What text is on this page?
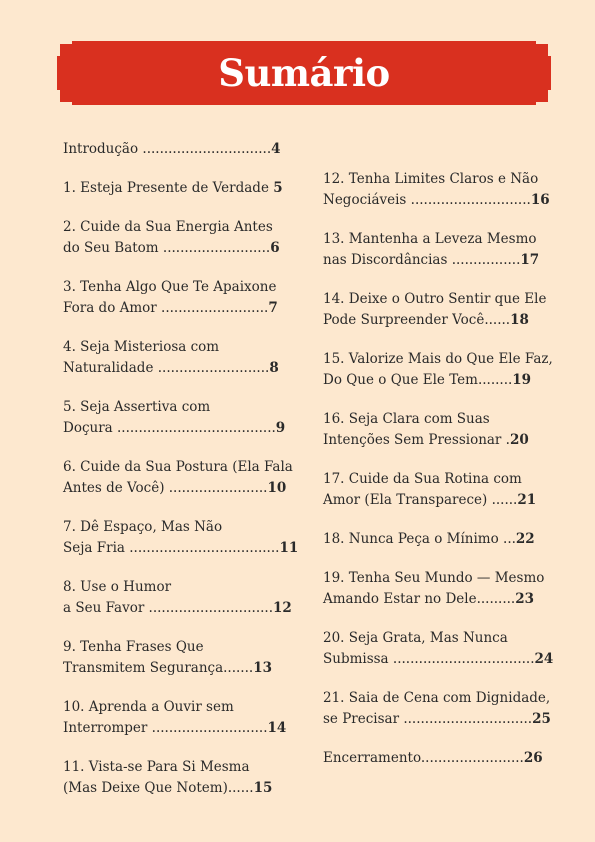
Sumário
Introdução ..............................4
1. Esteja Presente de Verdade 5
2. Cuide da Sua Energia Antes
do Seu Batom .........................6
3. Tenha Algo Que Te Apaixone
Fora do Amor .........................7
4. Seja Misteriosa com
Naturalidade ..........................8
5. Seja Assertiva com
Doçura .....................................9
6. Cuide da Sua Postura (Ela Fala
Antes de Você) .......................10
7. Dê Espaço, Mas Não
Seja Fria ...................................11
8. Use o Humor
a Seu Favor .............................12
9. Tenha Frases Que
Transmitem Segurança.......13
10. Aprenda a Ouvir sem
Interromper ...........................14
11. Vista-se Para Si Mesma
(Mas Deixe Que Notem)......15
12. Tenha Limites Claros e Não
Negociáveis ............................16
13. Mantenha a Leveza Mesmo
nas Discordâncias ................17
14. Deixe o Outro Sentir que Ele
Pode Surpreender Você......18
15. Valorize Mais do Que Ele Faz,
Do Que o Que Ele Tem........19
16. Seja Clara com Suas
Intenções Sem Pressionar .20
17. Cuide da Sua Rotina com
Amor (Ela Transparece) ......21
18. Nunca Peça o Mínimo ...22
19. Tenha Seu Mundo — Mesmo
Amando Estar no Dele.........23
20. Seja Grata, Mas Nunca
Submissa .................................24
21. Saia de Cena com Dignidade,
se Precisar ..............................25
Encerramento........................26
